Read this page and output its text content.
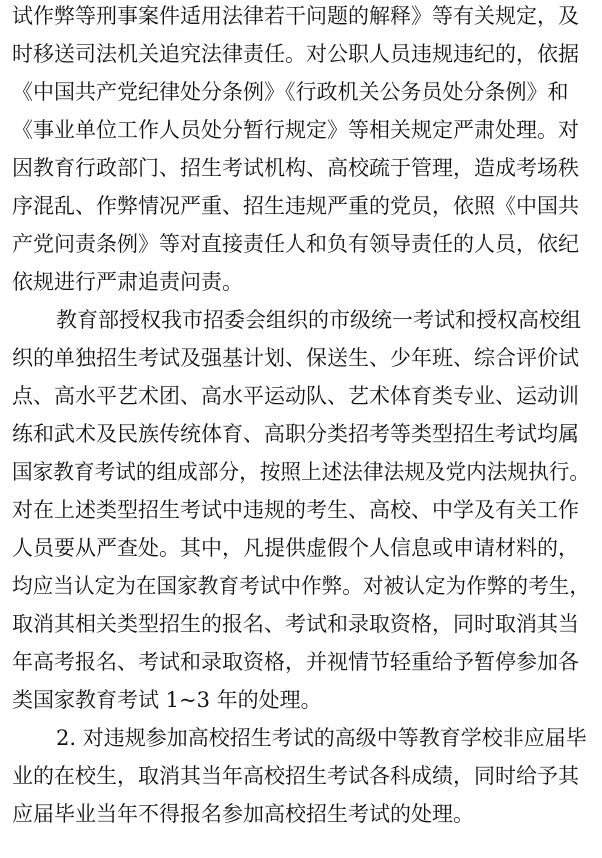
试作弊等刑事案件适用法律若干问题的解释》等有关规定，及
时移送司法机关追究法律责任。对公职人员违规违纪的，依据
《中国共产党纪律处分条例》《行政机关公务员处分条例》和
《事业单位工作人员处分暂行规定》等相关规定严肃处理。对
因教育行政部门、招生考试机构、高校疏于管理，造成考场秩
序混乱、作弊情况严重、招生违规严重的党员，依照《中国共
产党问责条例》等对直接责任人和负有领导责任的人员，依纪
依规进行严肃追责问责。
教育部授权我市招委会组织的市级统一考试和授权高校组
织的单独招生考试及强基计划、保送生、少年班、综合评价试
点、高水平艺术团、高水平运动队、艺术体育类专业、运动训
练和武术及民族传统体育、高职分类招考等类型招生考试均属
国家教育考试的组成部分，按照上述法律法规及党内法规执行。
对在上述类型招生考试中违规的考生、高校、中学及有关工作
人员要从严查处。其中，凡提供虚假个人信息或申请材料的，
均应当认定为在国家教育考试中作弊。对被认定为作弊的考生，
取消其相关类型招生的报名、考试和录取资格，同时取消其当
年高考报名、考试和录取资格，并视情节轻重给予暂停参加各
类国家教育考试 1~3 年的处理。
2. 对违规参加高校招生考试的高级中等教育学校非应届毕
业的在校生，取消其当年高校招生考试各科成绩，同时给予其
应届毕业当年不得报名参加高校招生考试的处理。
